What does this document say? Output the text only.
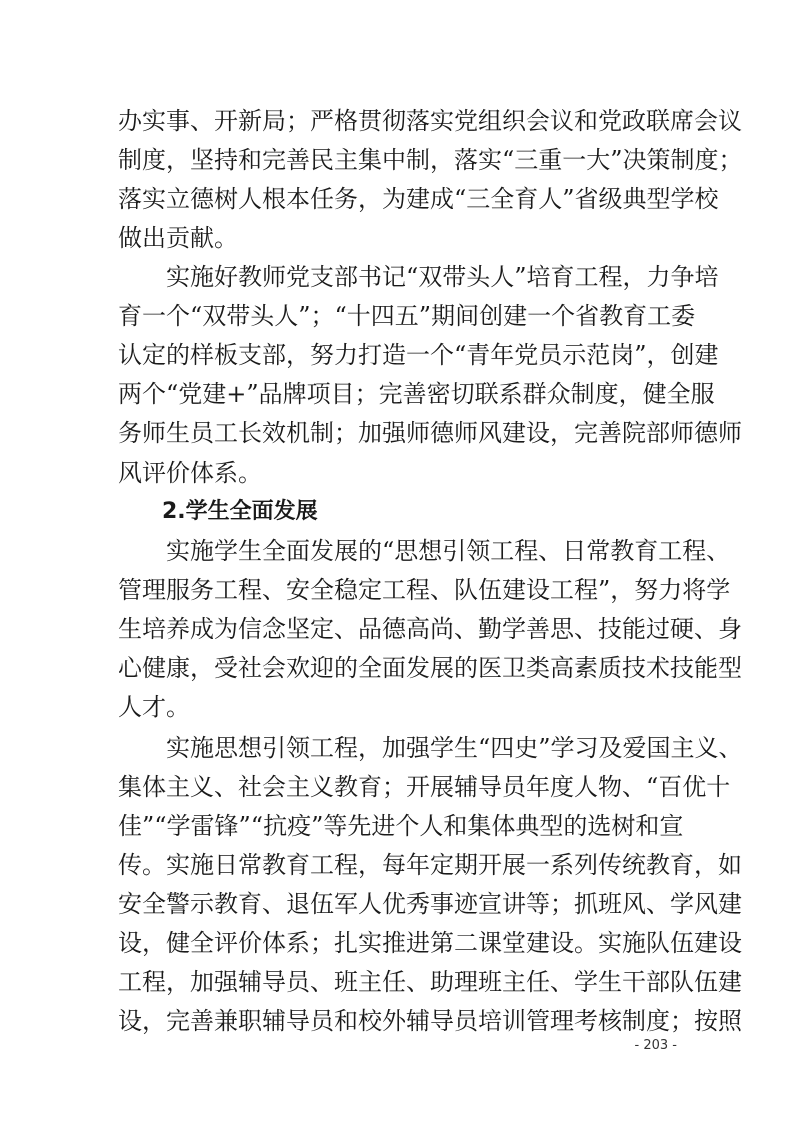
办实事、开新局；严格贯彻落实党组织会议和党政联席会议
制度，坚持和完善民主集中制，落实“三重一大”决策制度；
落实立德树人根本任务，为建成“三全育人”省级典型学校
做出贡献。
实施好教师党支部书记“双带头人”培育工程，力争培
育一个“双带头人”；“十四五”期间创建一个省教育工委
认定的样板支部，努力打造一个“青年党员示范岗”，创建
两个“党建+”品牌项目；完善密切联系群众制度，健全服
务师生员工长效机制；加强师德师风建设，完善院部师德师
风评价体系。
2.学生全面发展
实施学生全面发展的“思想引领工程、日常教育工程、
管理服务工程、安全稳定工程、队伍建设工程”，努力将学
生培养成为信念坚定、品德高尚、勤学善思、技能过硬、身
心健康，受社会欢迎的全面发展的医卫类高素质技术技能型
人才。
实施思想引领工程，加强学生“四史”学习及爱国主义、
集体主义、社会主义教育；开展辅导员年度人物、“百优十
佳”“学雷锋”“抗疫”等先进个人和集体典型的选树和宣
传。实施日常教育工程，每年定期开展一系列传统教育，如
安全警示教育、退伍军人优秀事迹宣讲等；抓班风、学风建
设，健全评价体系；扎实推进第二课堂建设。实施队伍建设
工程，加强辅导员、班主任、助理班主任、学生干部队伍建
设，完善兼职辅导员和校外辅导员培训管理考核制度；按照
- 203 -
